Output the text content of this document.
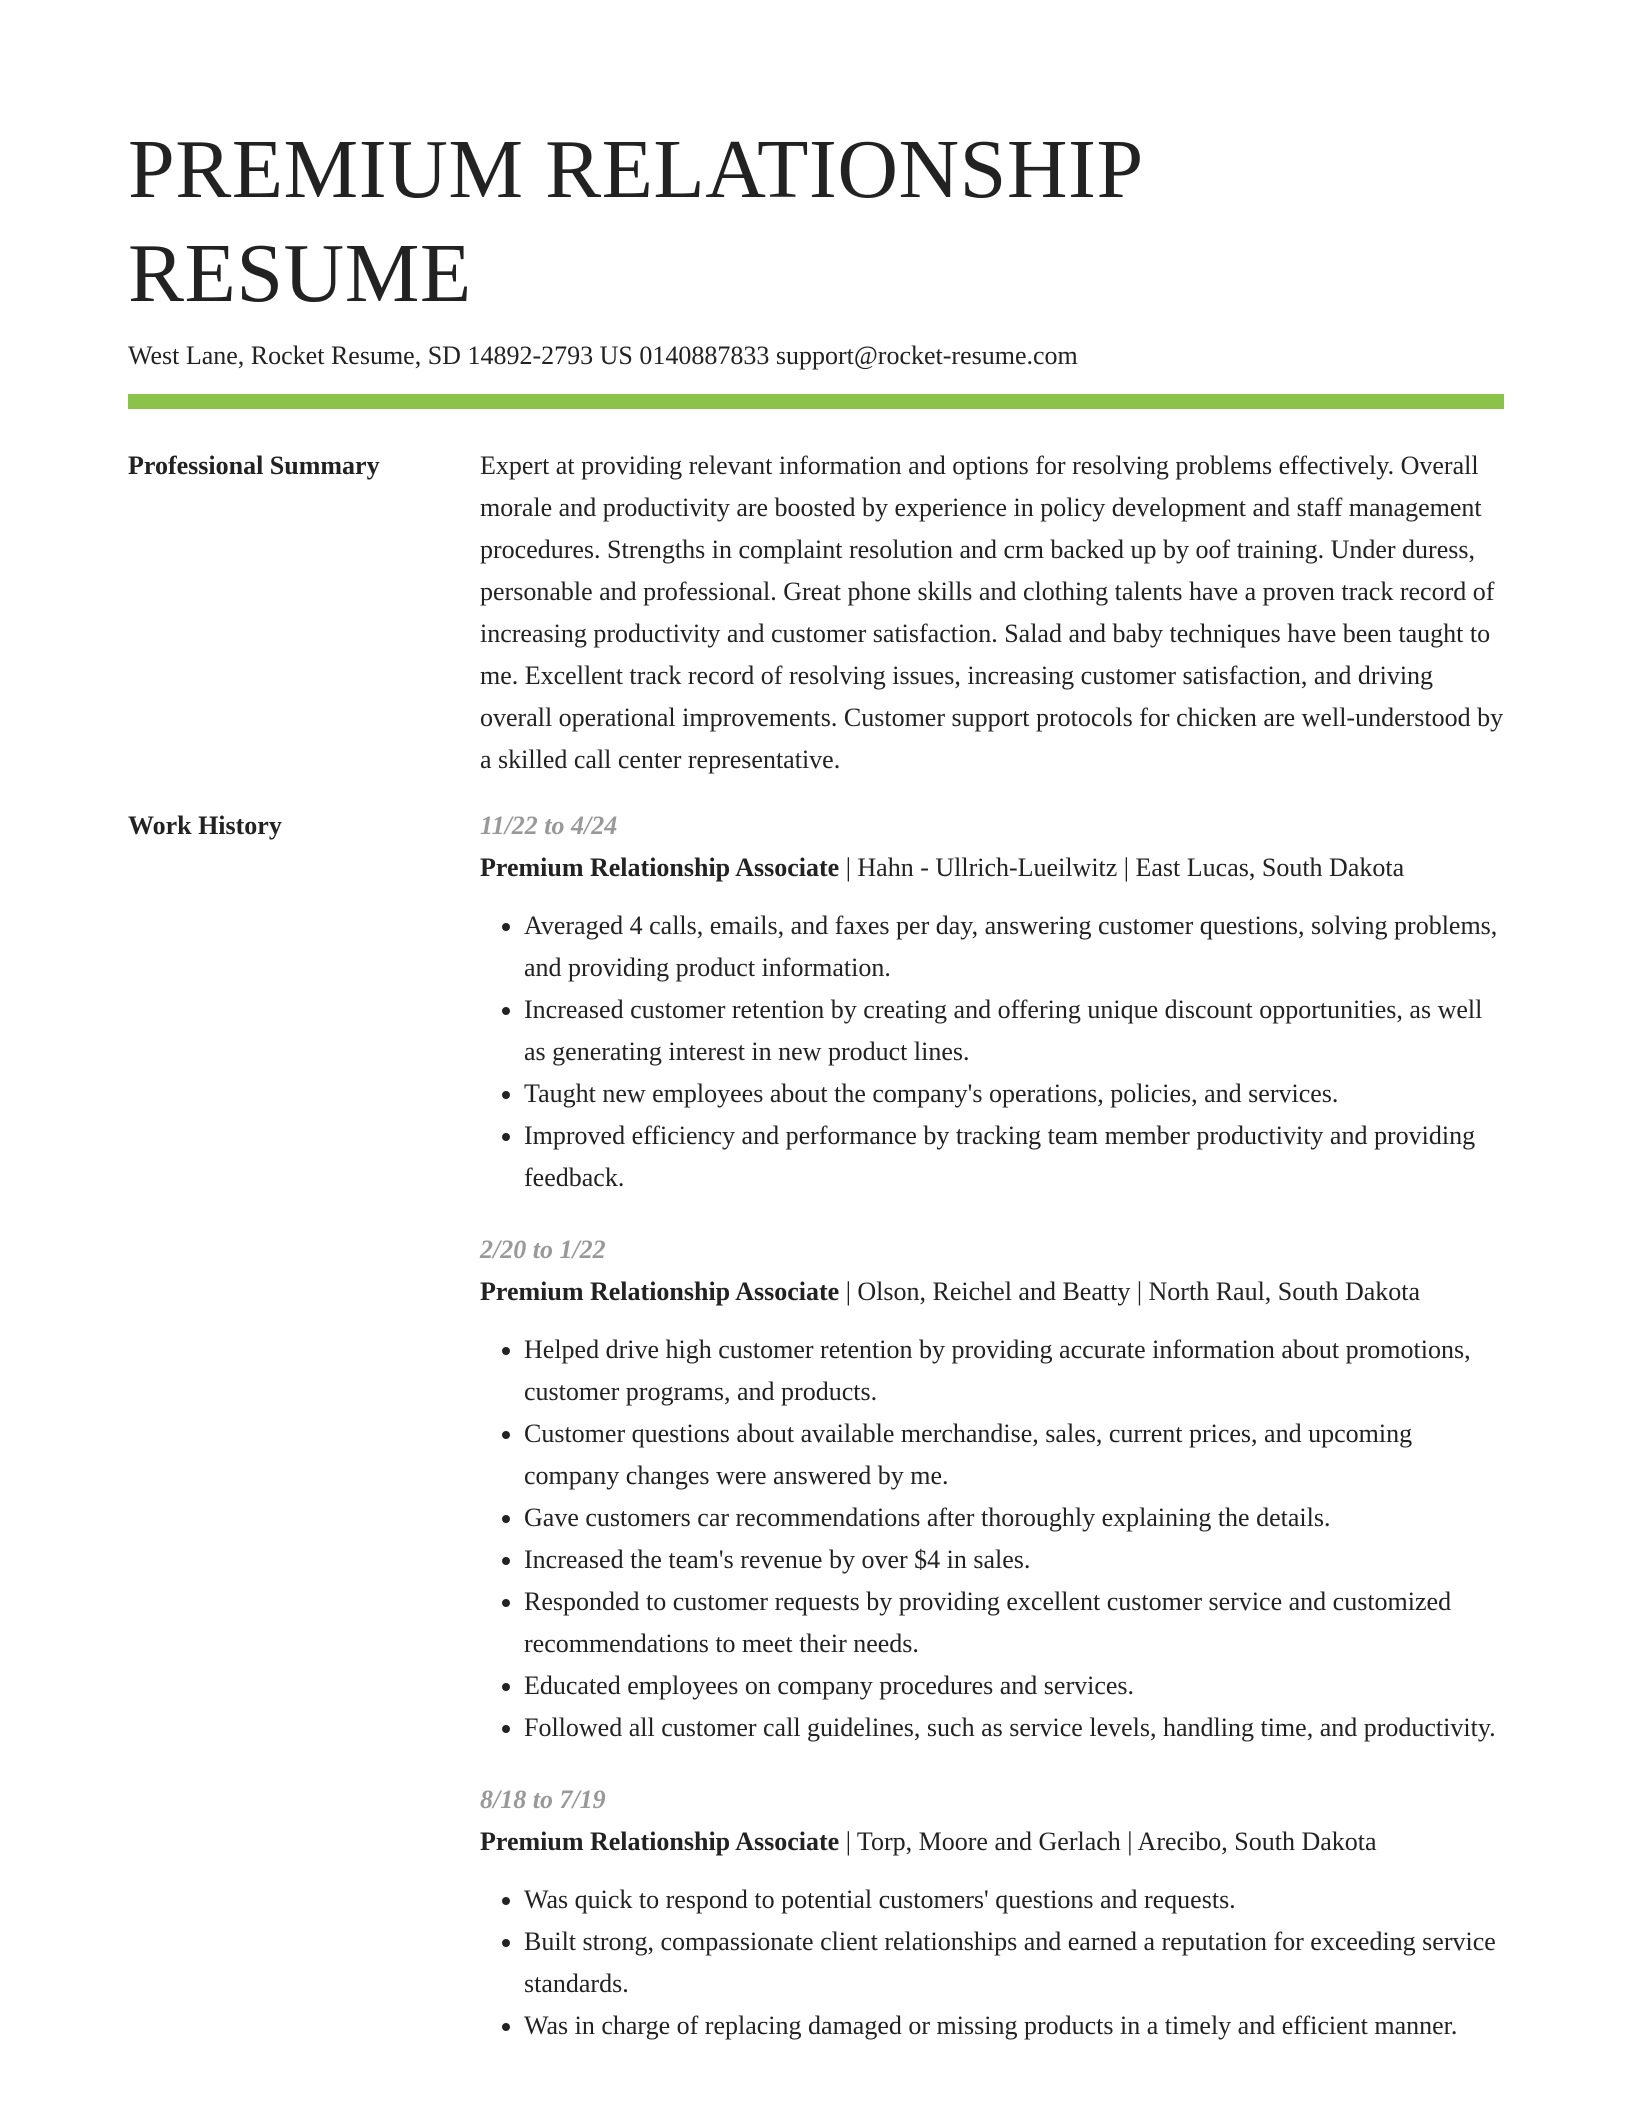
PREMIUM RELATIONSHIP RESUME
West Lane, Rocket Resume, SD 14892-2793 US 0140887833 support@rocket-resume.com
Professional Summary	Expert at providing relevant information and options for resolving problems effectively. Overall morale and productivity are boosted by experience in policy development and staff management procedures. Strengths in complaint resolution and crm backed up by oof training. Under duress, personable and professional. Great phone skills and clothing talents have a proven track record of increasing productivity and customer satisfaction. Salad and baby techniques have been taught to me. Excellent track record of resolving issues, increasing customer satisfaction, and driving overall operational improvements. Customer support protocols for chicken are well-understood by a skilled call center representative.

Work History	11/22 to 4/24
Premium Relationship Associate | Hahn - Ullrich-Lueilwitz | East Lucas, South Dakota
• Averaged 4 calls, emails, and faxes per day, answering customer questions, solving problems, and providing product information.
• Increased customer retention by creating and offering unique discount opportunities, as well as generating interest in new product lines.
• Taught new employees about the company's operations, policies, and services.
• Improved efficiency and performance by tracking team member productivity and providing feedback.
2/20 to 1/22
Premium Relationship Associate | Olson, Reichel and Beatty | North Raul, South Dakota
• Helped drive high customer retention by providing accurate information about promotions, customer programs, and products.
• Customer questions about available merchandise, sales, current prices, and upcoming company changes were answered by me.
• Gave customers car recommendations after thoroughly explaining the details.
• Increased the team's revenue by over $4 in sales.
• Responded to customer requests by providing excellent customer service and customized recommendations to meet their needs.
• Educated employees on company procedures and services.
• Followed all customer call guidelines, such as service levels, handling time, and productivity.
8/18 to 7/19
Premium Relationship Associate | Torp, Moore and Gerlach | Arecibo, South Dakota
• Was quick to respond to potential customers' questions and requests.
• Built strong, compassionate client relationships and earned a reputation for exceeding service standards.
• Was in charge of replacing damaged or missing products in a timely and efficient manner.
